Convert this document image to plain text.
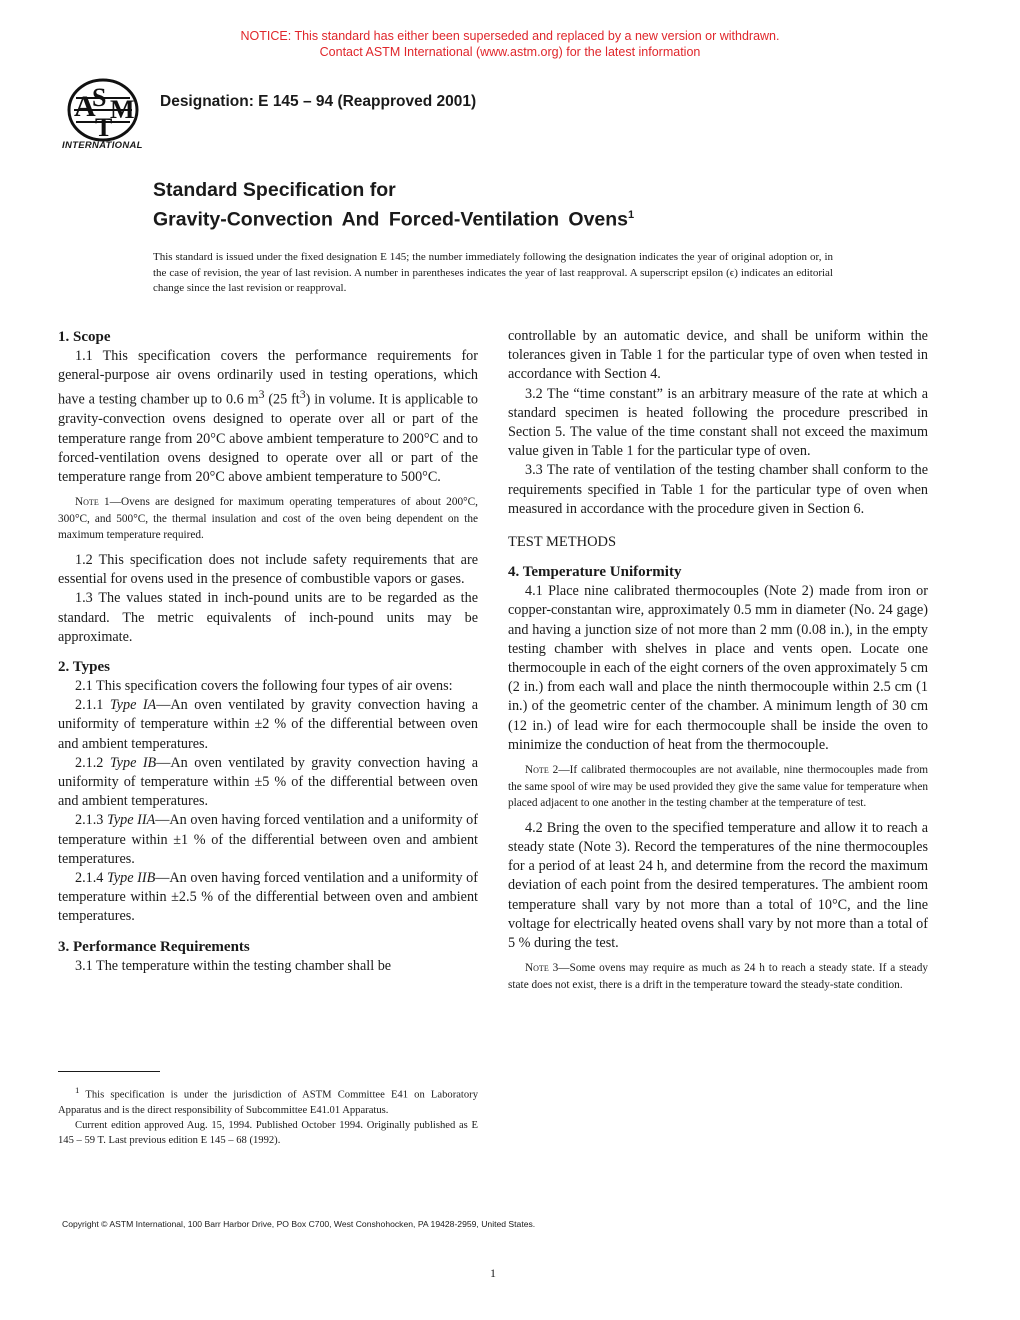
NOTICE: This standard has either been superseded and replaced by a new version or withdrawn.
Contact ASTM International (www.astm.org) for the latest information
A
S
T
M
INTERNATIONAL
Designation: E 145 – 94 (Reapproved 2001)
Standard Specification for
Gravity-Convection And Forced-Ventilation Ovens$^1$
This standard is issued under the fixed designation E 145; the number immediately following the designation indicates the year of original adoption or, in the case of revision, the year of last revision. A number in parentheses indicates the year of last reapproval. A superscript epsilon (ϵ) indicates an editorial change since the last revision or reapproval.
1. Scope

1.1 This specification covers the performance requirements for general-purpose air ovens ordinarily used in testing operations, which have a testing chamber up to 0.6 $m^3$ (25 $ft^3$) in volume. It is applicable to gravity-convection ovens designed to operate over all or part of the temperature range from 20°C above ambient temperature to 200°C and to forced-ventilation ovens designed to operate over all or part of the temperature range from 20°C above ambient temperature to 500°C.

Note 1—Ovens are designed for maximum operating temperatures of about 200°C, 300°C, and 500°C, the thermal insulation and cost of the oven being dependent on the maximum temperature required.

1.2 This specification does not include safety requirements that are essential for ovens used in the presence of combustible vapors or gases.

1.3 The values stated in inch-pound units are to be regarded as the standard. The metric equivalents of inch-pound units may be approximate.

2. Types

2.1 This specification covers the following four types of air ovens:

2.1.1 Type IA—An oven ventilated by gravity convection having a uniformity of temperature within ±2 % of the differential between oven and ambient temperatures.

2.1.2 Type IB—An oven ventilated by gravity convection having a uniformity of temperature within ±5 % of the differential between oven and ambient temperatures.

2.1.3 Type IIA—An oven having forced ventilation and a uniformity of temperature within ±1 % of the differential between oven and ambient temperatures.

2.1.4 Type IIB—An oven having forced ventilation and a uniformity of temperature within ±2.5 % of the differential between oven and ambient temperatures.

3. Performance Requirements

3.1 The temperature within the testing chamber shall be

controllable by an automatic device, and shall be uniform within the tolerances given in Table 1 for the particular type of oven when tested in accordance with Section 4.

3.2 The “time constant” is an arbitrary measure of the rate at which a standard specimen is heated following the procedure prescribed in Section 5. The value of the time constant shall not exceed the maximum value given in Table 1 for the particular type of oven.

3.3 The rate of ventilation of the testing chamber shall conform to the requirements specified in Table 1 for the particular type of oven when measured in accordance with the procedure given in Section 6.

TEST METHODS

4. Temperature Uniformity

4.1 Place nine calibrated thermocouples (Note 2) made from iron or copper-constantan wire, approximately 0.5 mm in diameter (No. 24 gage) and having a junction size of not more than 2 mm (0.08 in.), in the empty testing chamber with shelves in place and vents open. Locate one thermocouple in each of the eight corners of the oven approximately 5 cm (2 in.) from each wall and place the ninth thermocouple within 2.5 cm (1 in.) of the geometric center of the chamber. A minimum length of 30 cm (12 in.) of lead wire for each thermocouple shall be inside the oven to minimize the conduction of heat from the thermocouple.

Note 2—If calibrated thermocouples are not available, nine thermocouples made from the same spool of wire may be used provided they give the same value for temperature when placed adjacent to one another in the testing chamber at the temperature of test.

4.2 Bring the oven to the specified temperature and allow it to reach a steady state (Note 3). Record the temperatures of the nine thermocouples for a period of at least 24 h, and determine from the record the maximum deviation of each point from the desired temperatures. The ambient room temperature shall vary by not more than a total of 10°C, and the line voltage for electrically heated ovens shall vary by not more than a total of 5 % during the test.

Note 3—Some ovens may require as much as 24 h to reach a steady state. If a steady state does not exist, there is a drift in the temperature toward the steady-state condition.

$^1$ This specification is under the jurisdiction of ASTM Committee E41 on Laboratory Apparatus and is the direct responsibility of Subcommittee E41.01 Apparatus.

Current edition approved Aug. 15, 1994. Published October 1994. Originally published as E 145 – 59 T. Last previous edition E 145 – 68 (1992).

Copyright © ASTM International, 100 Barr Harbor Drive, PO Box C700, West Conshohocken, PA 19428-2959, United States.
1
